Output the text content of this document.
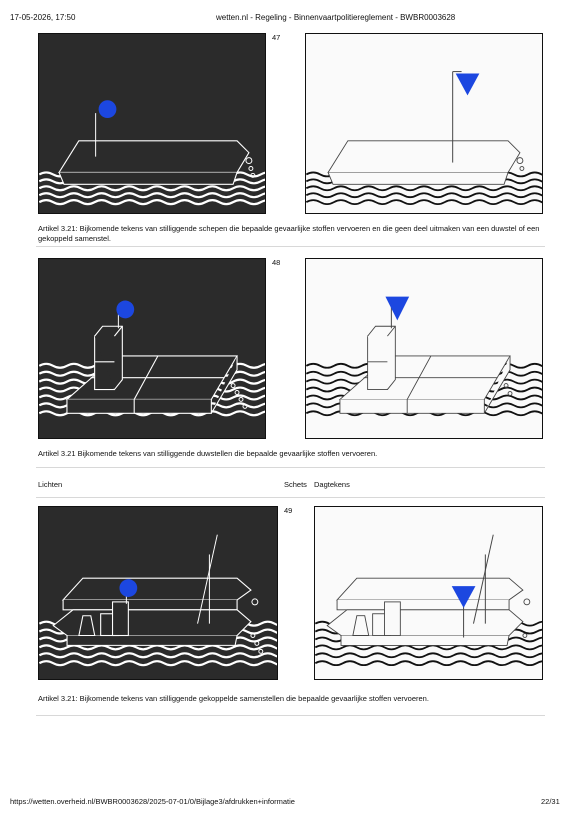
17-05-2026, 17:50	wetten.nl - Regeling - Binnenvaartpolitiereglement - BWBR0003628
47
Artikel 3.21: Bijkomende tekens van stilliggende schepen die bepaalde gevaarlijke stoffen vervoeren en die geen deel uitmaken van een duwstel of een gekoppeld samenstel.
48
Artikel 3.21 Bijkomende tekens van stilliggende duwstellen die bepaalde gevaarlijke stoffen vervoeren.
Lichten	Schets Dagtekens
49
Artikel 3.21: Bijkomende tekens van stilliggende gekoppelde samenstellen die bepaalde gevaarlijke stoffen vervoeren.
https://wetten.overheid.nl/BWBR0003628/2025-07-01/0/Bijlage3/afdrukken+informatie	22/31
